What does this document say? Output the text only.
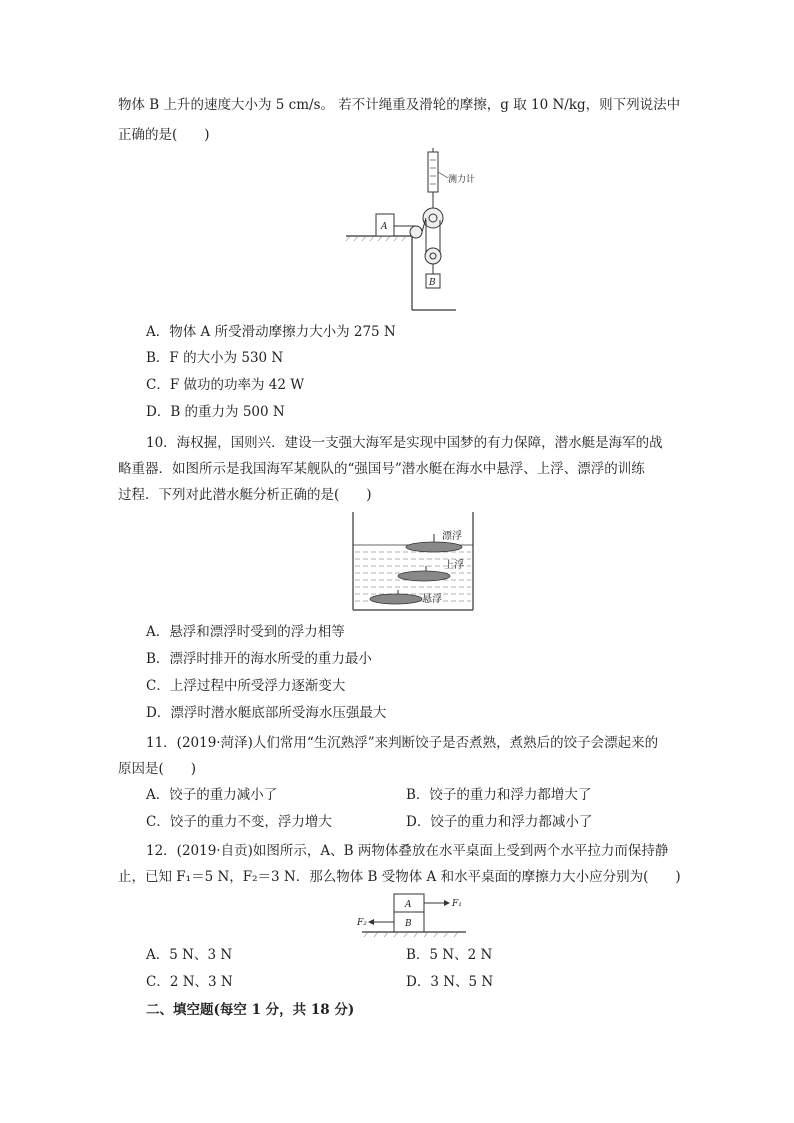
物体 B 上升的速度大小为 5 cm/s。 若不计绳重及滑轮的摩擦，g 取 10 N/kg，则下列说法中
正确的是(　　)
测力计
A
B
A．物体 A 所受滑动摩擦力大小为 275 N
B．F 的大小为 530 N
C．F 做功的功率为 42 W
D．B 的重力为 500 N
10．海权握，国则兴．建设一支强大海军是实现中国梦的有力保障，潜水艇是海军的战
略重器．如图所示是我国海军某舰队的“强国号”潜水艇在海水中悬浮、上浮、漂浮的训练
过程．下列对此潜水艇分析正确的是(　　)
漂浮
上浮
悬浮
A．悬浮和漂浮时受到的浮力相等
B．漂浮时排开的海水所受的重力最小
C．上浮过程中所受浮力逐渐变大
D．漂浮时潜水艇底部所受海水压强最大
11．(2019·菏泽)人们常用“生沉熟浮”来判断饺子是否煮熟，煮熟后的饺子会漂起来的
原因是(　　)
A．饺子的重力减小了	B．饺子的重力和浮力都增大了
C．饺子的重力不变，浮力增大	D．饺子的重力和浮力都减小了
12．(2019·自贡)如图所示，A、B 两物体叠放在水平桌面上受到两个水平拉力而保持静
止，已知 F₁＝5 N，F₂＝3 N．那么物体 B 受物体 A 和水平桌面的摩擦力大小应分别为(　　)
A
B
F₁
F₂
A．5 N、3 N	B．5 N、2 N
C．2 N、3 N	D．3 N、5 N
二、填空题(每空 1 分，共 18 分)
